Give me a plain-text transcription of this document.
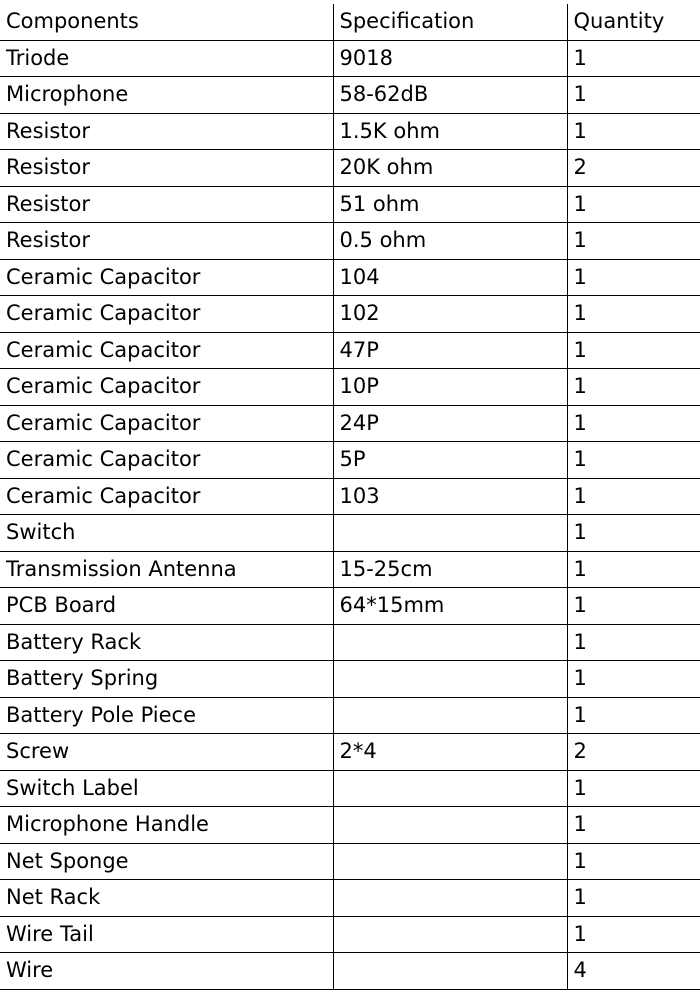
Components	Specification	Quantity
Triode	9018	1
Microphone	58-62dB	1
Resistor	1.5K ohm	1
Resistor	20K ohm	2
Resistor	51 ohm	1
Resistor	0.5 ohm	1
Ceramic Capacitor	104	1
Ceramic Capacitor	102	1
Ceramic Capacitor	47P	1
Ceramic Capacitor	10P	1
Ceramic Capacitor	24P	1
Ceramic Capacitor	5P	1
Ceramic Capacitor	103	1
Switch		1
Transmission Antenna	15-25cm	1
PCB Board	64*15mm	1
Battery Rack		1
Battery Spring		1
Battery Pole Piece		1
Screw	2*4	2
Switch Label		1
Microphone Handle		1
Net Sponge		1
Net Rack		1
Wire Tail		1
Wire		4
